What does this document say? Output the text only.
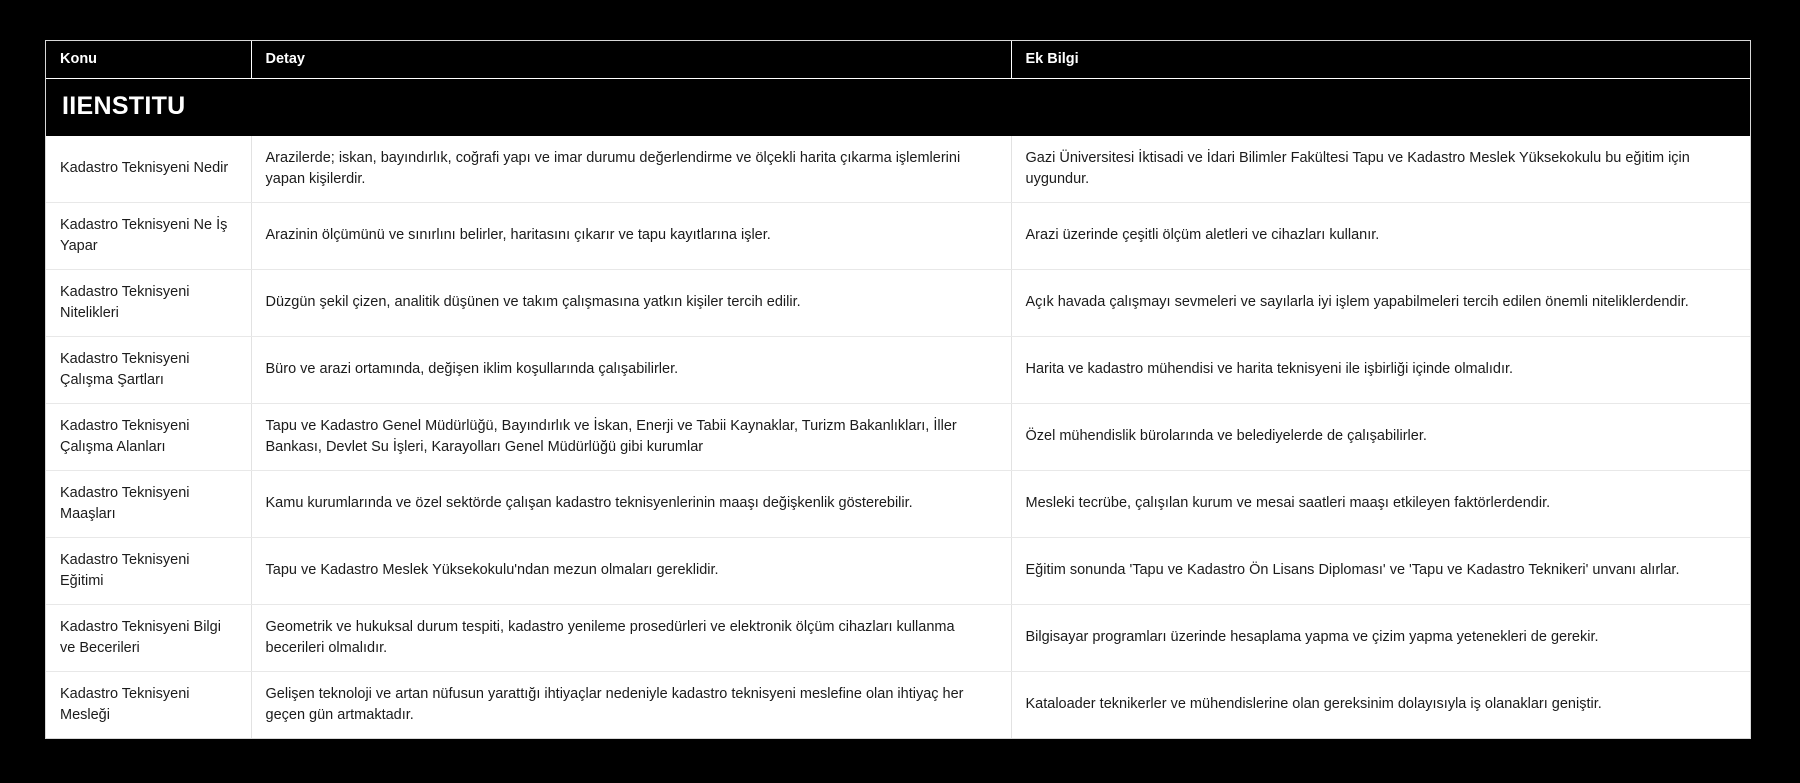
IIENSTITU		

Konu	Detay	Ek Bilgi
Kadastro Teknisyeni Nedir	Arazilerde; iskan, bayındırlık, coğrafi yapı ve imar durumu değerlendirme ve ölçekli harita çıkarma işlemlerini yapan kişilerdir.	Gazi Üniversitesi İktisadi ve İdari Bilimler Fakültesi Tapu ve Kadastro Meslek Yüksekokulu bu eğitim için uygundur.
Kadastro Teknisyeni Ne İş Yapar	Arazinin ölçümünü ve sınırlını belirler, haritasını çıkarır ve tapu kayıtlarına işler.	Arazi üzerinde çeşitli ölçüm aletleri ve cihazları kullanır.
Kadastro Teknisyeni Nitelikleri	Düzgün şekil çizen, analitik düşünen ve takım çalışmasına yatkın kişiler tercih edilir.	Açık havada çalışmayı sevmeleri ve sayılarla iyi işlem yapabilmeleri tercih edilen önemli niteliklerdendir.
Kadastro Teknisyeni Çalışma Şartları	Büro ve arazi ortamında, değişen iklim koşullarında çalışabilirler.	Harita ve kadastro mühendisi ve harita teknisyeni ile işbirliği içinde olmalıdır.
Kadastro Teknisyeni Çalışma Alanları	Tapu ve Kadastro Genel Müdürlüğü, Bayındırlık ve İskan, Enerji ve Tabii Kaynaklar, Turizm Bakanlıkları, İller Bankası, Devlet Su İşleri, Karayolları Genel Müdürlüğü gibi kurumlar	Özel mühendislik bürolarında ve belediyelerde de çalışabilirler.
Kadastro Teknisyeni Maaşları	Kamu kurumlarında ve özel sektörde çalışan kadastro teknisyenlerinin maaşı değişkenlik gösterebilir.	Mesleki tecrübe, çalışılan kurum ve mesai saatleri maaşı etkileyen faktörlerdendir.
Kadastro Teknisyeni Eğitimi	Tapu ve Kadastro Meslek Yüksekokulu'ndan mezun olmaları gereklidir.	Eğitim sonunda 'Tapu ve Kadastro Ön Lisans Diploması' ve 'Tapu ve Kadastro Teknikeri' unvanı alırlar.
Kadastro Teknisyeni Bilgi ve Becerileri	Geometrik ve hukuksal durum tespiti, kadastro yenileme prosedürleri ve elektronik ölçüm cihazları kullanma becerileri olmalıdır.	Bilgisayar programları üzerinde hesaplama yapma ve çizim yapma yetenekleri de gerekir.
Kadastro Teknisyeni Mesleği	Gelişen teknoloji ve artan nüfusun yarattığı ihtiyaçlar nedeniyle kadastro teknisyeni meslefine olan ihtiyaç her geçen gün artmaktadır.	Kataloader teknikerler ve mühendislerine olan gereksinim dolayısıyla iş olanakları geniştir.
